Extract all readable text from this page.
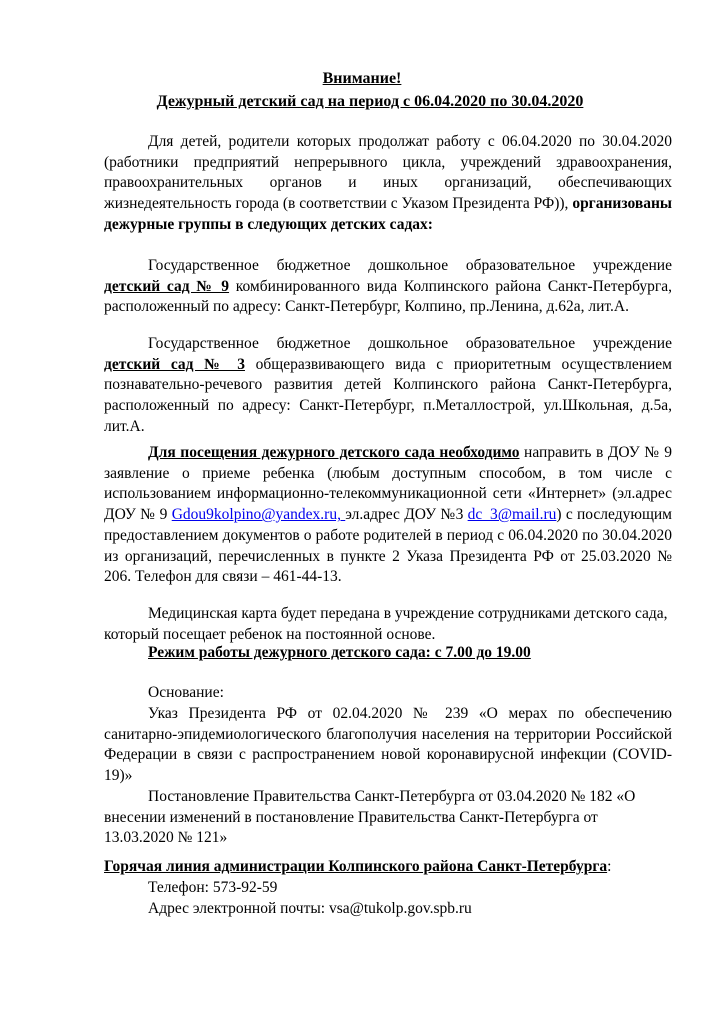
Внимание!
Дежурный детский сад на период с 06.04.2020 по 30.04.2020
Для детей, родители которых продолжат работу с 06.04.2020 по 30.04.2020 (работники предприятий непрерывного цикла, учреждений здравоохранения, правоохранительных органов и иных организаций, обеспечивающих жизнедеятельность города (в соответствии с Указом Президента РФ)), организованы дежурные группы в следующих детских садах:
Государственное бюджетное дошкольное образовательное учреждение детский сад № 9 комбинированного вида Колпинского района Санкт-Петербурга, расположенный по адресу: Санкт-Петербург, Колпино, пр.Ленина, д.62а, лит.А.
Государственное бюджетное дошкольное образовательное учреждение детский сад № 3 общеразвивающего вида с приоритетным осуществлением познавательно-речевого развития детей Колпинского района Санкт-Петербурга, расположенный по адресу: Санкт-Петербург, п.Металлострой, ул.Школьная, д.5а, лит.А.
Для посещения дежурного детского сада необходимо направить в ДОУ № 9 заявление о приеме ребенка (любым доступным способом, в том числе с использованием информационно-телекоммуникационной сети «Интернет» (эл.адрес ДОУ № 9 Gdou9kolpino@yandex.ru, эл.адрес ДОУ №3 dc_3@mail.ru) с последующим предоставлением документов о работе родителей в период с 06.04.2020 по 30.04.2020 из организаций, перечисленных в пункте 2 Указа Президента РФ от 25.03.2020 № 206. Телефон для связи – 461-44-13.
Медицинская карта будет передана в учреждение сотрудниками детского сада, который посещает ребенок на постоянной основе.
Режим работы дежурного детского сада: с 7.00 до 19.00
Основание:
Указ Президента РФ от 02.04.2020 № 239 «О мерах по обеспечению санитарно-эпидемиологического благополучия населения на территории Российской Федерации в связи с распространением новой коронавирусной инфекции (COVID-19)»
Постановление Правительства Санкт-Петербурга от 03.04.2020 № 182 «О внесении изменений в постановление Правительства Санкт-Петербурга от 13.03.2020 № 121»
Горячая линия администрации Колпинского района Санкт-Петербурга:
Телефон: 573-92-59
Адрес электронной почты: vsa@tukolp.gov.spb.ru
